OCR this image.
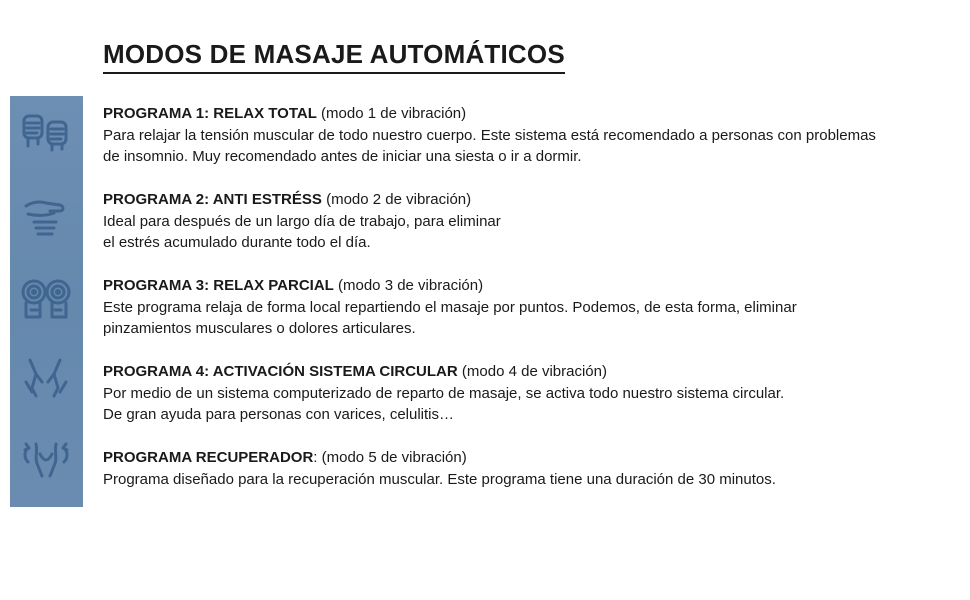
MODOS DE MASAJE AUTOMÁTICOS

PROGRAMA 1: RELAX TOTAL (modo 1 de vibración)

Para relajar la tensión muscular de todo nuestro cuerpo. Este sistema está recomendado a personas con problemas

de insomnio. Muy recomendado antes de iniciar una siesta o ir a dormir.

PROGRAMA 2: ANTI ESTRÉSS (modo 2 de vibración)

Ideal para después de un largo día de trabajo, para eliminar

el estrés acumulado durante todo el día.

PROGRAMA 3: RELAX PARCIAL (modo 3 de vibración)

Este programa relaja de forma local repartiendo el masaje por puntos. Podemos, de esta forma, eliminar

pinzamientos musculares o dolores articulares.

PROGRAMA 4: ACTIVACIÓN SISTEMA CIRCULAR (modo 4 de vibración)

Por medio de un sistema computerizado de reparto de masaje, se activa todo nuestro sistema circular.

De gran ayuda para personas con varices, celulitis…

PROGRAMA RECUPERADOR: (modo 5 de vibración)

Programa diseñado para la recuperación muscular. Este programa tiene una duración de 30 minutos.
